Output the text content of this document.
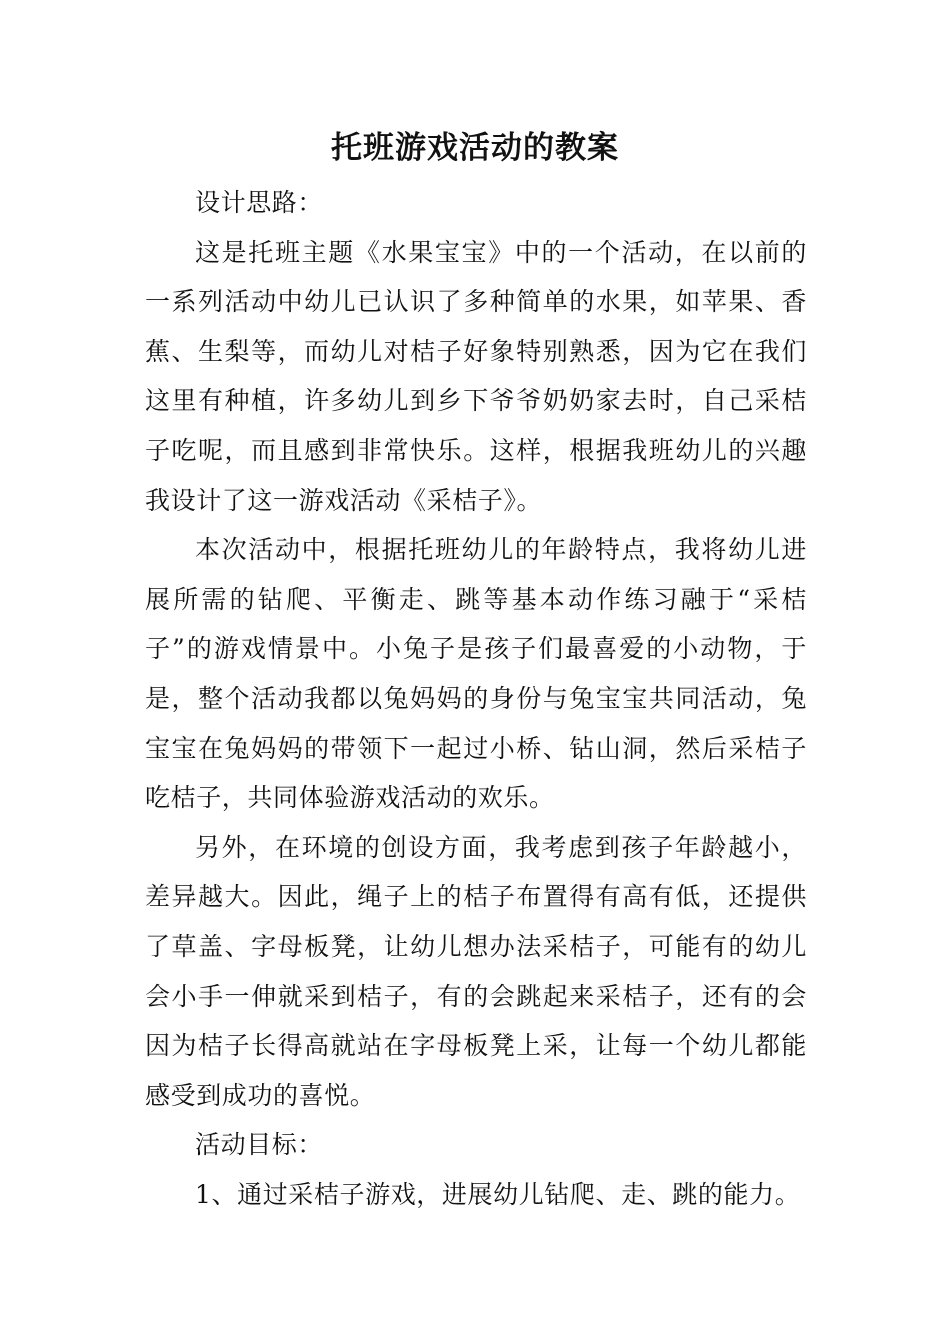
托班游戏活动的教案

设计思路：

这是托班主题《水果宝宝》中的一个活动，在以前的一系列活动中幼儿已认识了多种简单的水果，如苹果、香蕉、生梨等，而幼儿对桔子好象特别熟悉，因为它在我们这里有种植，许多幼儿到乡下爷爷奶奶家去时，自己采桔子吃呢，而且感到非常快乐。这样，根据我班幼儿的兴趣我设计了这一游戏活动《采桔子》。

本次活动中，根据托班幼儿的年龄特点，我将幼儿进展所需的钻爬、平衡走、跳等基本动作练习融于“采桔子”的游戏情景中。小兔子是孩子们最喜爱的小动物，于是，整个活动我都以兔妈妈的身份与兔宝宝共同活动，兔宝宝在兔妈妈的带领下一起过小桥、钻山洞，然后采桔子吃桔子，共同体验游戏活动的欢乐。

另外，在环境的创设方面，我考虑到孩子年龄越小，差异越大。因此，绳子上的桔子布置得有高有低，还提供了草盖、字母板凳，让幼儿想办法采桔子，可能有的幼儿会小手一伸就采到桔子，有的会跳起来采桔子，还有的会因为桔子长得高就站在字母板凳上采，让每一个幼儿都能感受到成功的喜悦。

活动目标：

1、通过采桔子游戏，进展幼儿钻爬、走、跳的能力。
